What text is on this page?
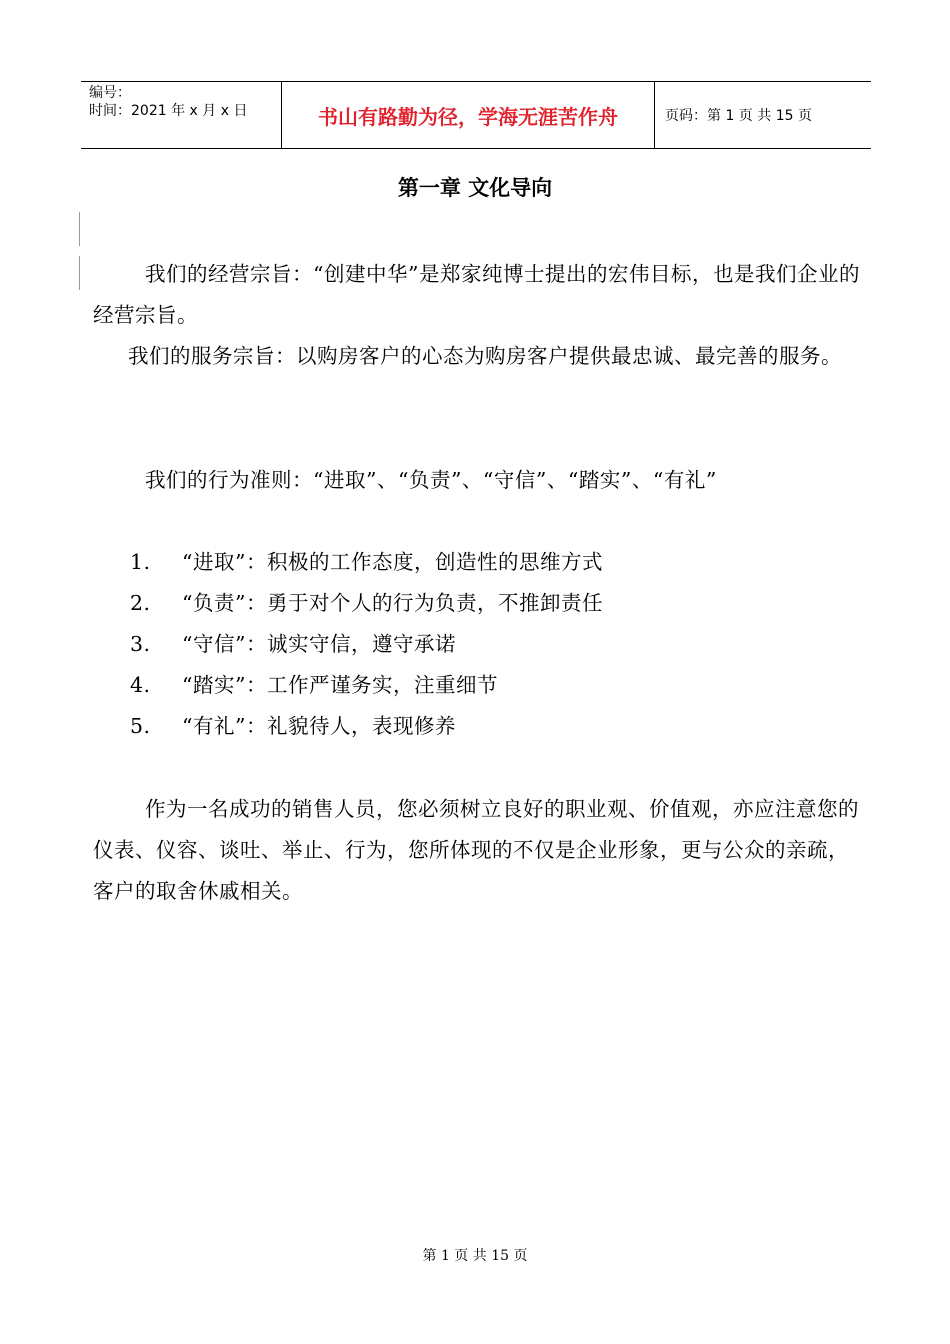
编号：
时间：2021 年 x 月 x 日	书山有路勤为径，学海无涯苦作舟	页码：第 1 页 共 15 页
第一章 文化导向

我们的经营宗旨：“创建中华”是郑家纯博士提出的宏伟目标，也是我们企业的经营宗旨。

我们的服务宗旨：以购房客户的心态为购房客户提供最忠诚、最完善的服务。

我们的行为准则：“进取”、“负责”、“守信”、“踏实”、“有礼”

1.	“进取”：积极的工作态度，创造性的思维方式
2.	“负责”：勇于对个人的行为负责，不推卸责任
3.	“守信”：诚实守信，遵守承诺
4.	“踏实”：工作严谨务实，注重细节
5.	“有礼”：礼貌待人，表现修养

作为一名成功的销售人员，您必须树立良好的职业观、价值观，亦应注意您的仪表、仪容、谈吐、举止、行为，您所体现的不仅是企业形象，更与公众的亲疏，客户的取舍休戚相关。

第 1 页 共 15 页
